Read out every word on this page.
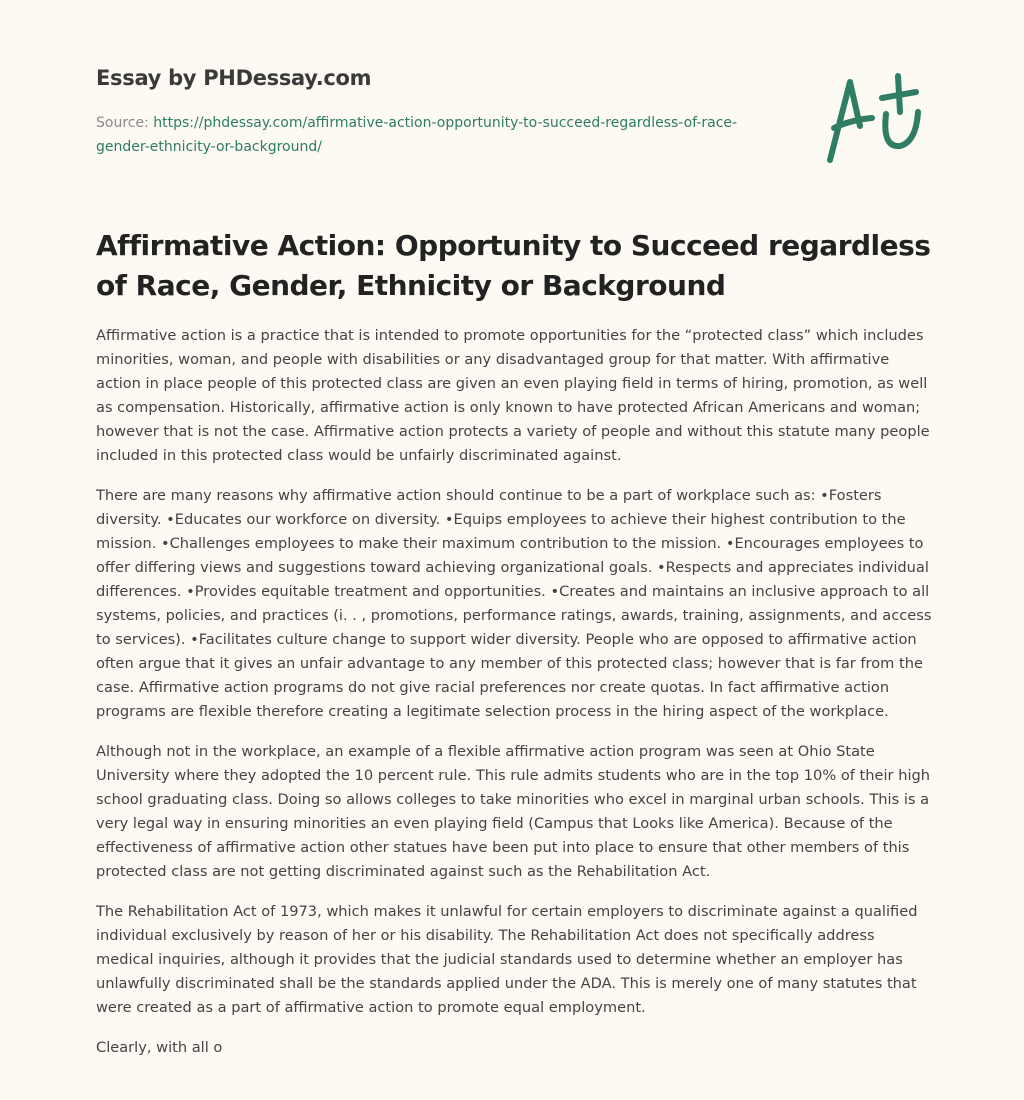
Essay by PHDessay.com
Source: https://phdessay.com/affirmative-action-opportunity-to-succeed-regardless-of-race-gender-ethnicity-or-background/
Affirmative Action: Opportunity to Succeed regardless of Race, Gender, Ethnicity or Background

Affirmative action is a practice that is intended to promote opportunities for the “protected class” which includes minorities, woman, and people with disabilities or any disadvantaged group for that matter. With affirmative action in place people of this protected class are given an even playing field in terms of hiring, promotion, as well as compensation. Historically, affirmative action is only known to have protected African Americans and woman; however that is not the case. Affirmative action protects a variety of people and without this statute many people included in this protected class would be unfairly discriminated against.

There are many reasons why affirmative action should continue to be a part of workplace such as: •Fosters diversity. •Educates our workforce on diversity. •Equips employees to achieve their highest contribution to the mission. •Challenges employees to make their maximum contribution to the mission. •Encourages employees to offer differing views and suggestions toward achieving organizational goals. •Respects and appreciates individual differences. •Provides equitable treatment and opportunities. •Creates and maintains an inclusive approach to all systems, policies, and practices (i. . , promotions, performance ratings, awards, training, assignments, and access to services). •Facilitates culture change to support wider diversity. People who are opposed to affirmative action often argue that it gives an unfair advantage to any member of this protected class; however that is far from the case. Affirmative action programs do not give racial preferences nor create quotas. In fact affirmative action programs are flexible therefore creating a legitimate selection process in the hiring aspect of the workplace.

Although not in the workplace, an example of a flexible affirmative action program was seen at Ohio State University where they adopted the 10 percent rule. This rule admits students who are in the top 10% of their high school graduating class. Doing so allows colleges to take minorities who excel in marginal urban schools. This is a very legal way in ensuring minorities an even playing field (Campus that Looks like America). Because of the effectiveness of affirmative action other statues have been put into place to ensure that other members of this protected class are not getting discriminated against such as the Rehabilitation Act.

The Rehabilitation Act of 1973, which makes it unlawful for certain employers to discriminate against a qualified individual exclusively by reason of her or his disability. The Rehabilitation Act does not specifically address medical inquiries, although it provides that the judicial standards used to determine whether an employer has unlawfully discriminated shall be the standards applied under the ADA. This is merely one of many statutes that were created as a part of affirmative action to promote equal employment.

Clearly, with all o
